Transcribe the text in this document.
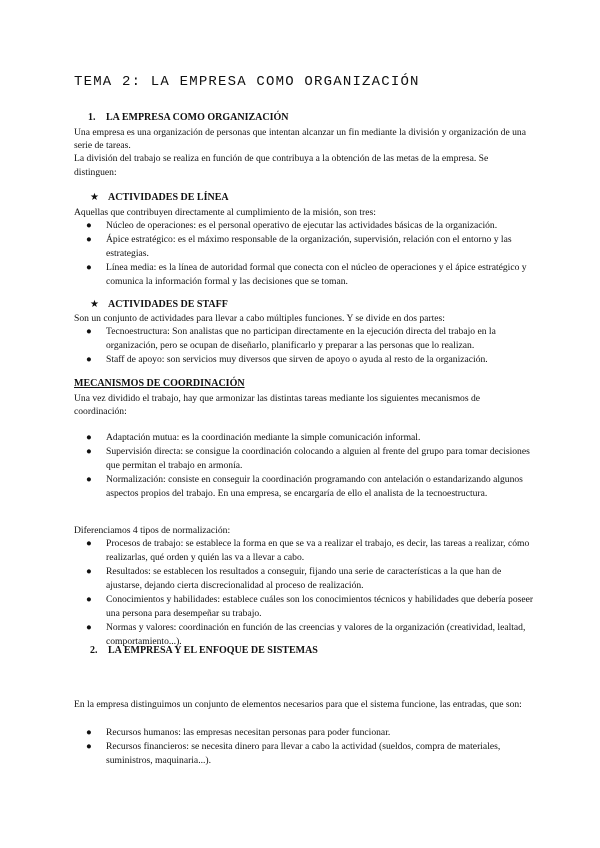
TEMA 2: LA EMPRESA COMO ORGANIZACIÓN
1. LA EMPRESA COMO ORGANIZACIÓN

Una empresa es una organización de personas que intentan alcanzar un fin mediante la división y organización de una serie de tareas.

La división del trabajo se realiza en función de que contribuya a la obtención de las metas de la empresa. Se distinguen:

★ ACTIVIDADES DE LÍNEA
Aquellas que contribuyen directamente al cumplimiento de la misión, son tres:
● Núcleo de operaciones: es el personal operativo de ejecutar las actividades básicas de la organización.
● Ápice estratégico: es el máximo responsable de la organización, supervisión, relación con el entorno y las estrategias.
● Línea media: es la línea de autoridad formal que conecta con el núcleo de operaciones y el ápice estratégico y comunica la información formal y las decisiones que se toman.
★ ACTIVIDADES DE STAFF
Son un conjunto de actividades para llevar a cabo múltiples funciones. Y se divide en dos partes:
● Tecnoestructura: Son analistas que no participan directamente en la ejecución directa del trabajo en la organización, pero se ocupan de diseñarlo, planificarlo y preparar a las personas que lo realizan.
● Staff de apoyo: son servicios muy diversos que sirven de apoyo o ayuda al resto de la organización.
MECANISMOS DE COORDINACIÓN
Una vez dividido el trabajo, hay que armonizar las distintas tareas mediante los siguientes mecanismos de coordinación:
● Adaptación mutua: es la coordinación mediante la simple comunicación informal.
● Supervisión directa: se consigue la coordinación colocando a alguien al frente del grupo para tomar decisiones que permitan el trabajo en armonía.
● Normalización: consiste en conseguir la coordinación programando con antelación o estandarizando algunos aspectos propios del trabajo. En una empresa, se encargaría de ello el analista de la tecnoestructura.
Diferenciamos 4 tipos de normalización:
● Procesos de trabajo: se establece la forma en que se va a realizar el trabajo, es decir, las tareas a realizar, cómo realizarlas, qué orden y quién las va a llevar a cabo.
● Resultados: se establecen los resultados a conseguir, fijando una serie de características a la que han de ajustarse, dejando cierta discrecionalidad al proceso de realización.
● Conocimientos y habilidades: establece cuáles son los conocimientos técnicos y habilidades que debería poseer una persona para desempeñar su trabajo.
● Normas y valores: coordinación en función de las creencias y valores de la organización (creatividad, lealtad, comportamiento...).
2. LA EMPRESA Y EL ENFOQUE DE SISTEMAS
En la empresa distinguimos un conjunto de elementos necesarios para que el sistema funcione, las entradas, que son:
● Recursos humanos: las empresas necesitan personas para poder funcionar.
● Recursos financieros: se necesita dinero para llevar a cabo la actividad (sueldos, compra de materiales, suministros, maquinaria...).
